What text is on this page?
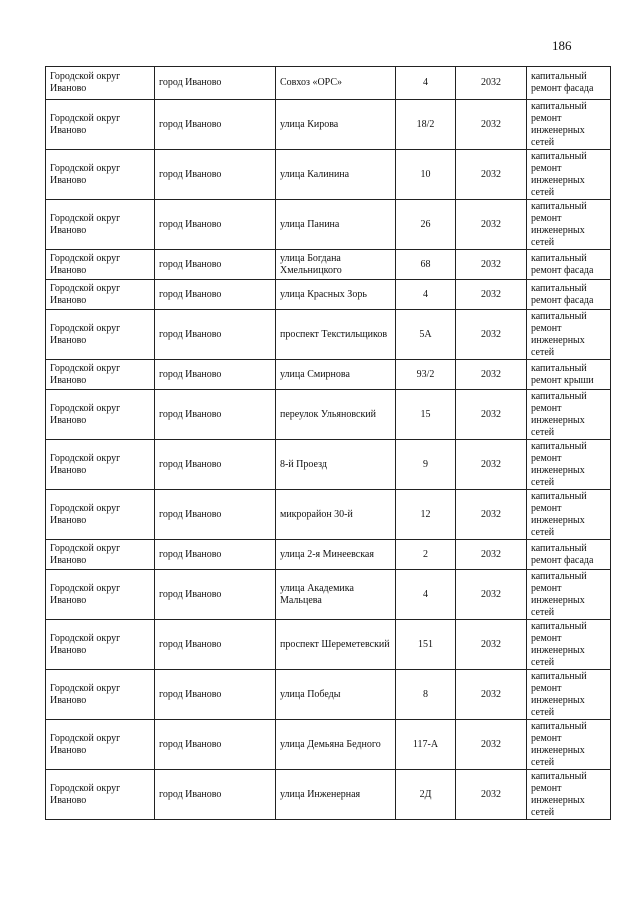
186
Городской округ Иваново	город Иваново	Совхоз «ОРС»	4	2032	капитальный ремонт фасада
Городской округ Иваново	город Иваново	улица Кирова	18/2	2032	капитальный ремонт инженерных сетей
Городской округ Иваново	город Иваново	улица Калинина	10	2032	капитальный ремонт инженерных сетей
Городской округ Иваново	город Иваново	улица Панина	26	2032	капитальный ремонт инженерных сетей
Городской округ Иваново	город Иваново	улица Богдана Хмельницкого	68	2032	капитальный ремонт фасада
Городской округ Иваново	город Иваново	улица Красных Зорь	4	2032	капитальный ремонт фасада
Городской округ Иваново	город Иваново	проспект Текстильщиков	5А	2032	капитальный ремонт инженерных сетей
Городской округ Иваново	город Иваново	улица Смирнова	93/2	2032	капитальный ремонт крыши
Городской округ Иваново	город Иваново	переулок Ульяновский	15	2032	капитальный ремонт инженерных сетей
Городской округ Иваново	город Иваново	8-й Проезд	9	2032	капитальный ремонт инженерных сетей
Городской округ Иваново	город Иваново	микрорайон 30-й	12	2032	капитальный ремонт инженерных сетей
Городской округ Иваново	город Иваново	улица 2-я Минеевская	2	2032	капитальный ремонт фасада
Городской округ Иваново	город Иваново	улица Академика Мальцева	4	2032	капитальный ремонт инженерных сетей
Городской округ Иваново	город Иваново	проспект Шереметевский	151	2032	капитальный ремонт инженерных сетей
Городской округ Иваново	город Иваново	улица Победы	8	2032	капитальный ремонт инженерных сетей
Городской округ Иваново	город Иваново	улица Демьяна Бедного	117-А	2032	капитальный ремонт инженерных сетей
Городской округ Иваново	город Иваново	улица Инженерная	2Д	2032	капитальный ремонт инженерных сетей
